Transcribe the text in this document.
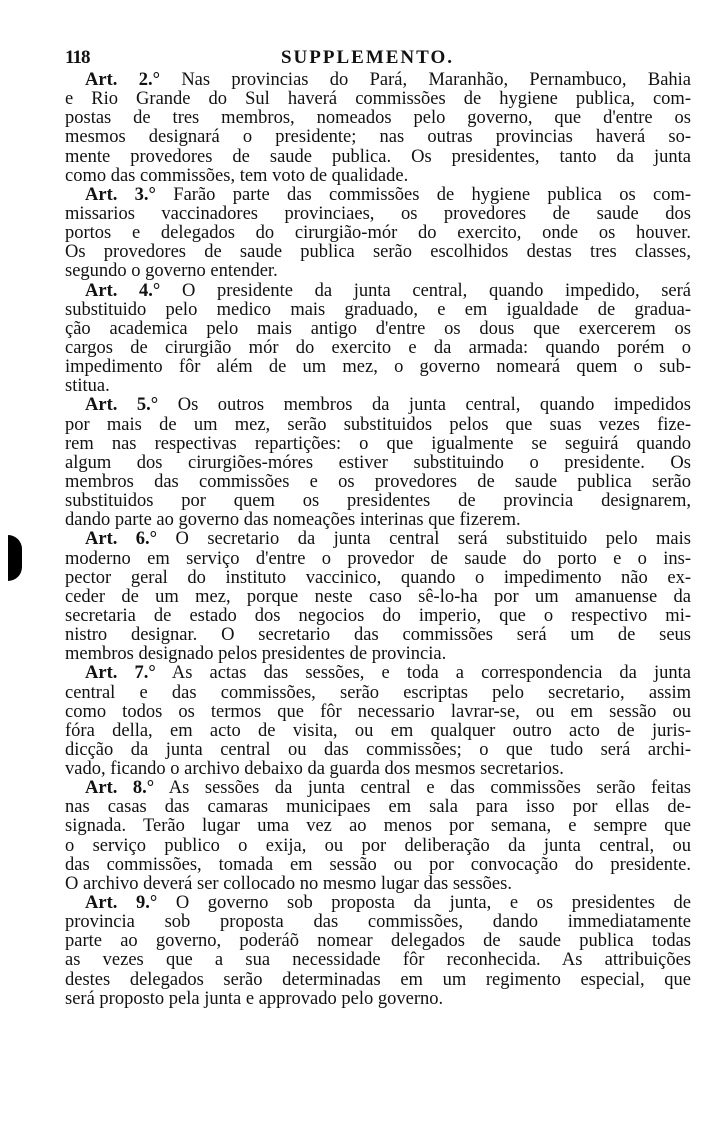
118	SUPPLEMENTO.
Art. 2.° Nas provincias do Pará, Maranhão, Pernambuco, Bahia
e Rio Grande do Sul haverá commissões de hygiene publica, com-
postas de tres membros, nomeados pelo governo, que d'entre os
mesmos designará o presidente; nas outras provincias haverá so-
mente provedores de saude publica. Os presidentes, tanto da junta
como das commissões, tem voto de qualidade.
Art. 3.° Farão parte das commissões de hygiene publica os com-
missarios vaccinadores provinciaes, os provedores de saude dos
portos e delegados do cirurgião-mór do exercito, onde os houver.
Os provedores de saude publica serão escolhidos destas tres classes,
segundo o governo entender.
Art. 4.° O presidente da junta central, quando impedido, será
substituido pelo medico mais graduado, e em igualdade de gradua-
ção academica pelo mais antigo d'entre os dous que exercerem os
cargos de cirurgião mór do exercito e da armada: quando porém o
impedimento fôr além de um mez, o governo nomeará quem o sub-
stitua.
Art. 5.° Os outros membros da junta central, quando impedidos
por mais de um mez, serão substituidos pelos que suas vezes fize-
rem nas respectivas repartições: o que igualmente se seguirá quando
algum dos cirurgiões-móres estiver substituindo o presidente. Os
membros das commissões e os provedores de saude publica serão
substituidos por quem os presidentes de provincia designarem,
dando parte ao governo das nomeações interinas que fizerem.
Art. 6.° O secretario da junta central será substituido pelo mais
moderno em serviço d'entre o provedor de saude do porto e o ins-
pector geral do instituto vaccinico, quando o impedimento não ex-
ceder de um mez, porque neste caso sê-lo-ha por um amanuense da
secretaria de estado dos negocios do imperio, que o respectivo mi-
nistro designar. O secretario das commissões será um de seus
membros designado pelos presidentes de provincia.
Art. 7.° As actas das sessões, e toda a correspondencia da junta
central e das commissões, serão escriptas pelo secretario, assim
como todos os termos que fôr necessario lavrar-se, ou em sessão ou
fóra della, em acto de visita, ou em qualquer outro acto de juris-
dicção da junta central ou das commissões; o que tudo será archi-
vado, ficando o archivo debaixo da guarda dos mesmos secretarios.
Art. 8.° As sessões da junta central e das commissões serão feitas
nas casas das camaras municipaes em sala para isso por ellas de-
signada. Terão lugar uma vez ao menos por semana, e sempre que
o serviço publico o exija, ou por deliberação da junta central, ou
das commissões, tomada em sessão ou por convocação do presidente.
O archivo deverá ser collocado no mesmo lugar das sessões.
Art. 9.° O governo sob proposta da junta, e os presidentes de
provincia sob proposta das commissões, dando immediatamente
parte ao governo, poderáõ nomear delegados de saude publica todas
as vezes que a sua necessidade fôr reconhecida. As attribuições
destes delegados serão determinadas em um regimento especial, que
será proposto pela junta e approvado pelo governo.
